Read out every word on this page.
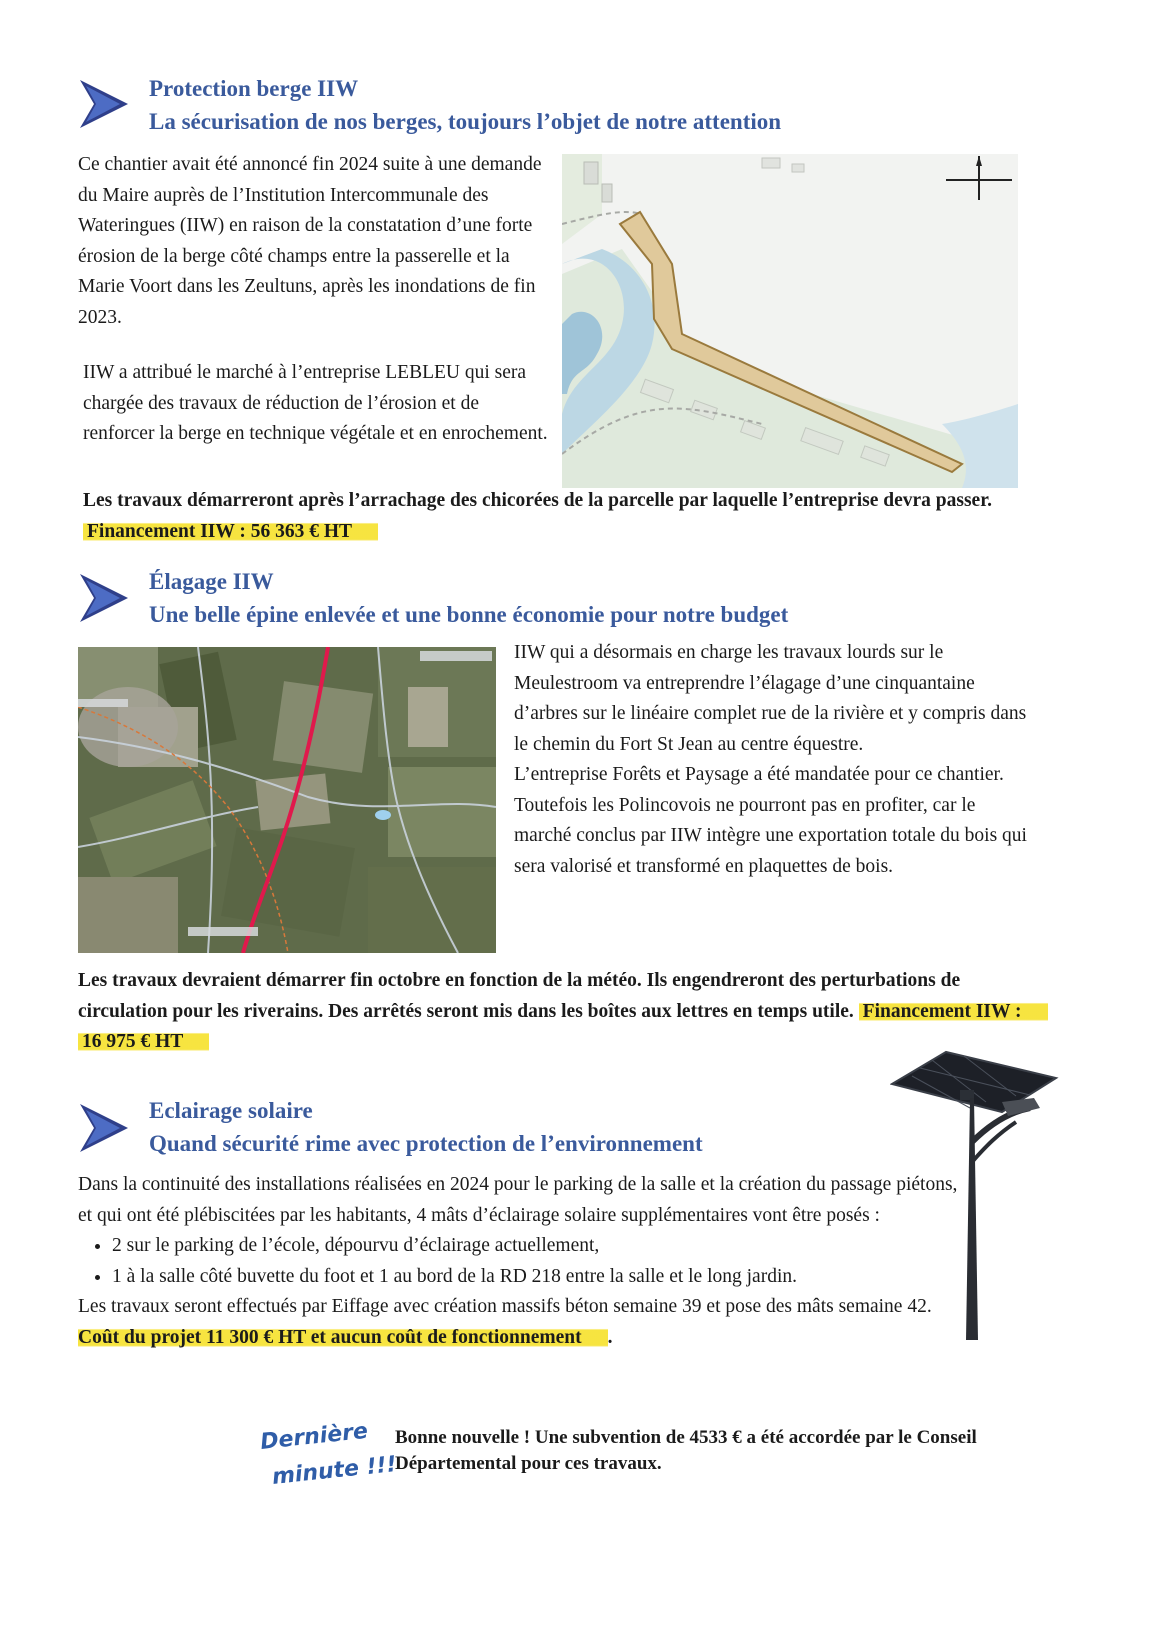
Protection berge IIW
La sécurisation de nos berges, toujours l’objet de notre attention

Ce chantier avait été annoncé fin 2024 suite à une demande du Maire auprès de l’Institution Intercommunale des Wateringues (IIW) en raison de la constatation d’une forte érosion de la berge côté champs entre la passerelle et la Marie Voort dans les Zeultuns, après les inondations de fin 2023.

IIW a attribué le marché à l’entreprise LEBLEU qui sera chargée des travaux de réduction de l’érosion et de renforcer la berge en technique végétale et en enrochement.

Les travaux démarreront après l’arrachage des chicorées de la parcelle par laquelle l’entreprise devra passer. Financement IIW : 56 363 € HT

Élagage IIW
Une belle épine enlevée et une bonne économie pour notre budget

IIW qui a désormais en charge les travaux lourds sur le Meulestroom va entreprendre l’élagage d’une cinquantaine d’arbres sur le linéaire complet rue de la rivière et y compris dans le chemin du Fort St Jean au centre équestre.

L’entreprise Forêts et Paysage a été mandatée pour ce chantier.

Toutefois les Polincovois ne pourront pas en profiter, car le marché conclus par IIW intègre une exportation totale du bois qui sera valorisé et transformé en plaquettes de bois.

Les travaux devraient démarrer fin octobre en fonction de la météo. Ils engendreront des perturbations de circulation pour les riverains. Des arrêtés seront mis dans les boîtes aux lettres en temps utile. Financement IIW : 16 975 € HT

Eclairage solaire
Quand sécurité rime avec protection de l’environnement

Dans la continuité des installations réalisées en 2024 pour le parking de la salle et la création du passage piétons, et qui ont été plébiscitées par les habitants, 4 mâts d’éclairage solaire supplémentaires vont être posés :

• 2 sur le parking de l’école, dépourvu d’éclairage actuellement,
• 1 à la salle côté buvette du foot et 1 au bord de la RD 218 entre la salle et le long jardin.

Les travaux seront effectués par Eiffage avec création massifs béton semaine 39 et pose des mâts semaine 42.

Coût du projet 11 300 € HT et aucun coût de fonctionnement .

Dernière
minute !!!

Bonne nouvelle ! Une subvention de 4533 € a été accordée par le Conseil Départemental pour ces travaux.
